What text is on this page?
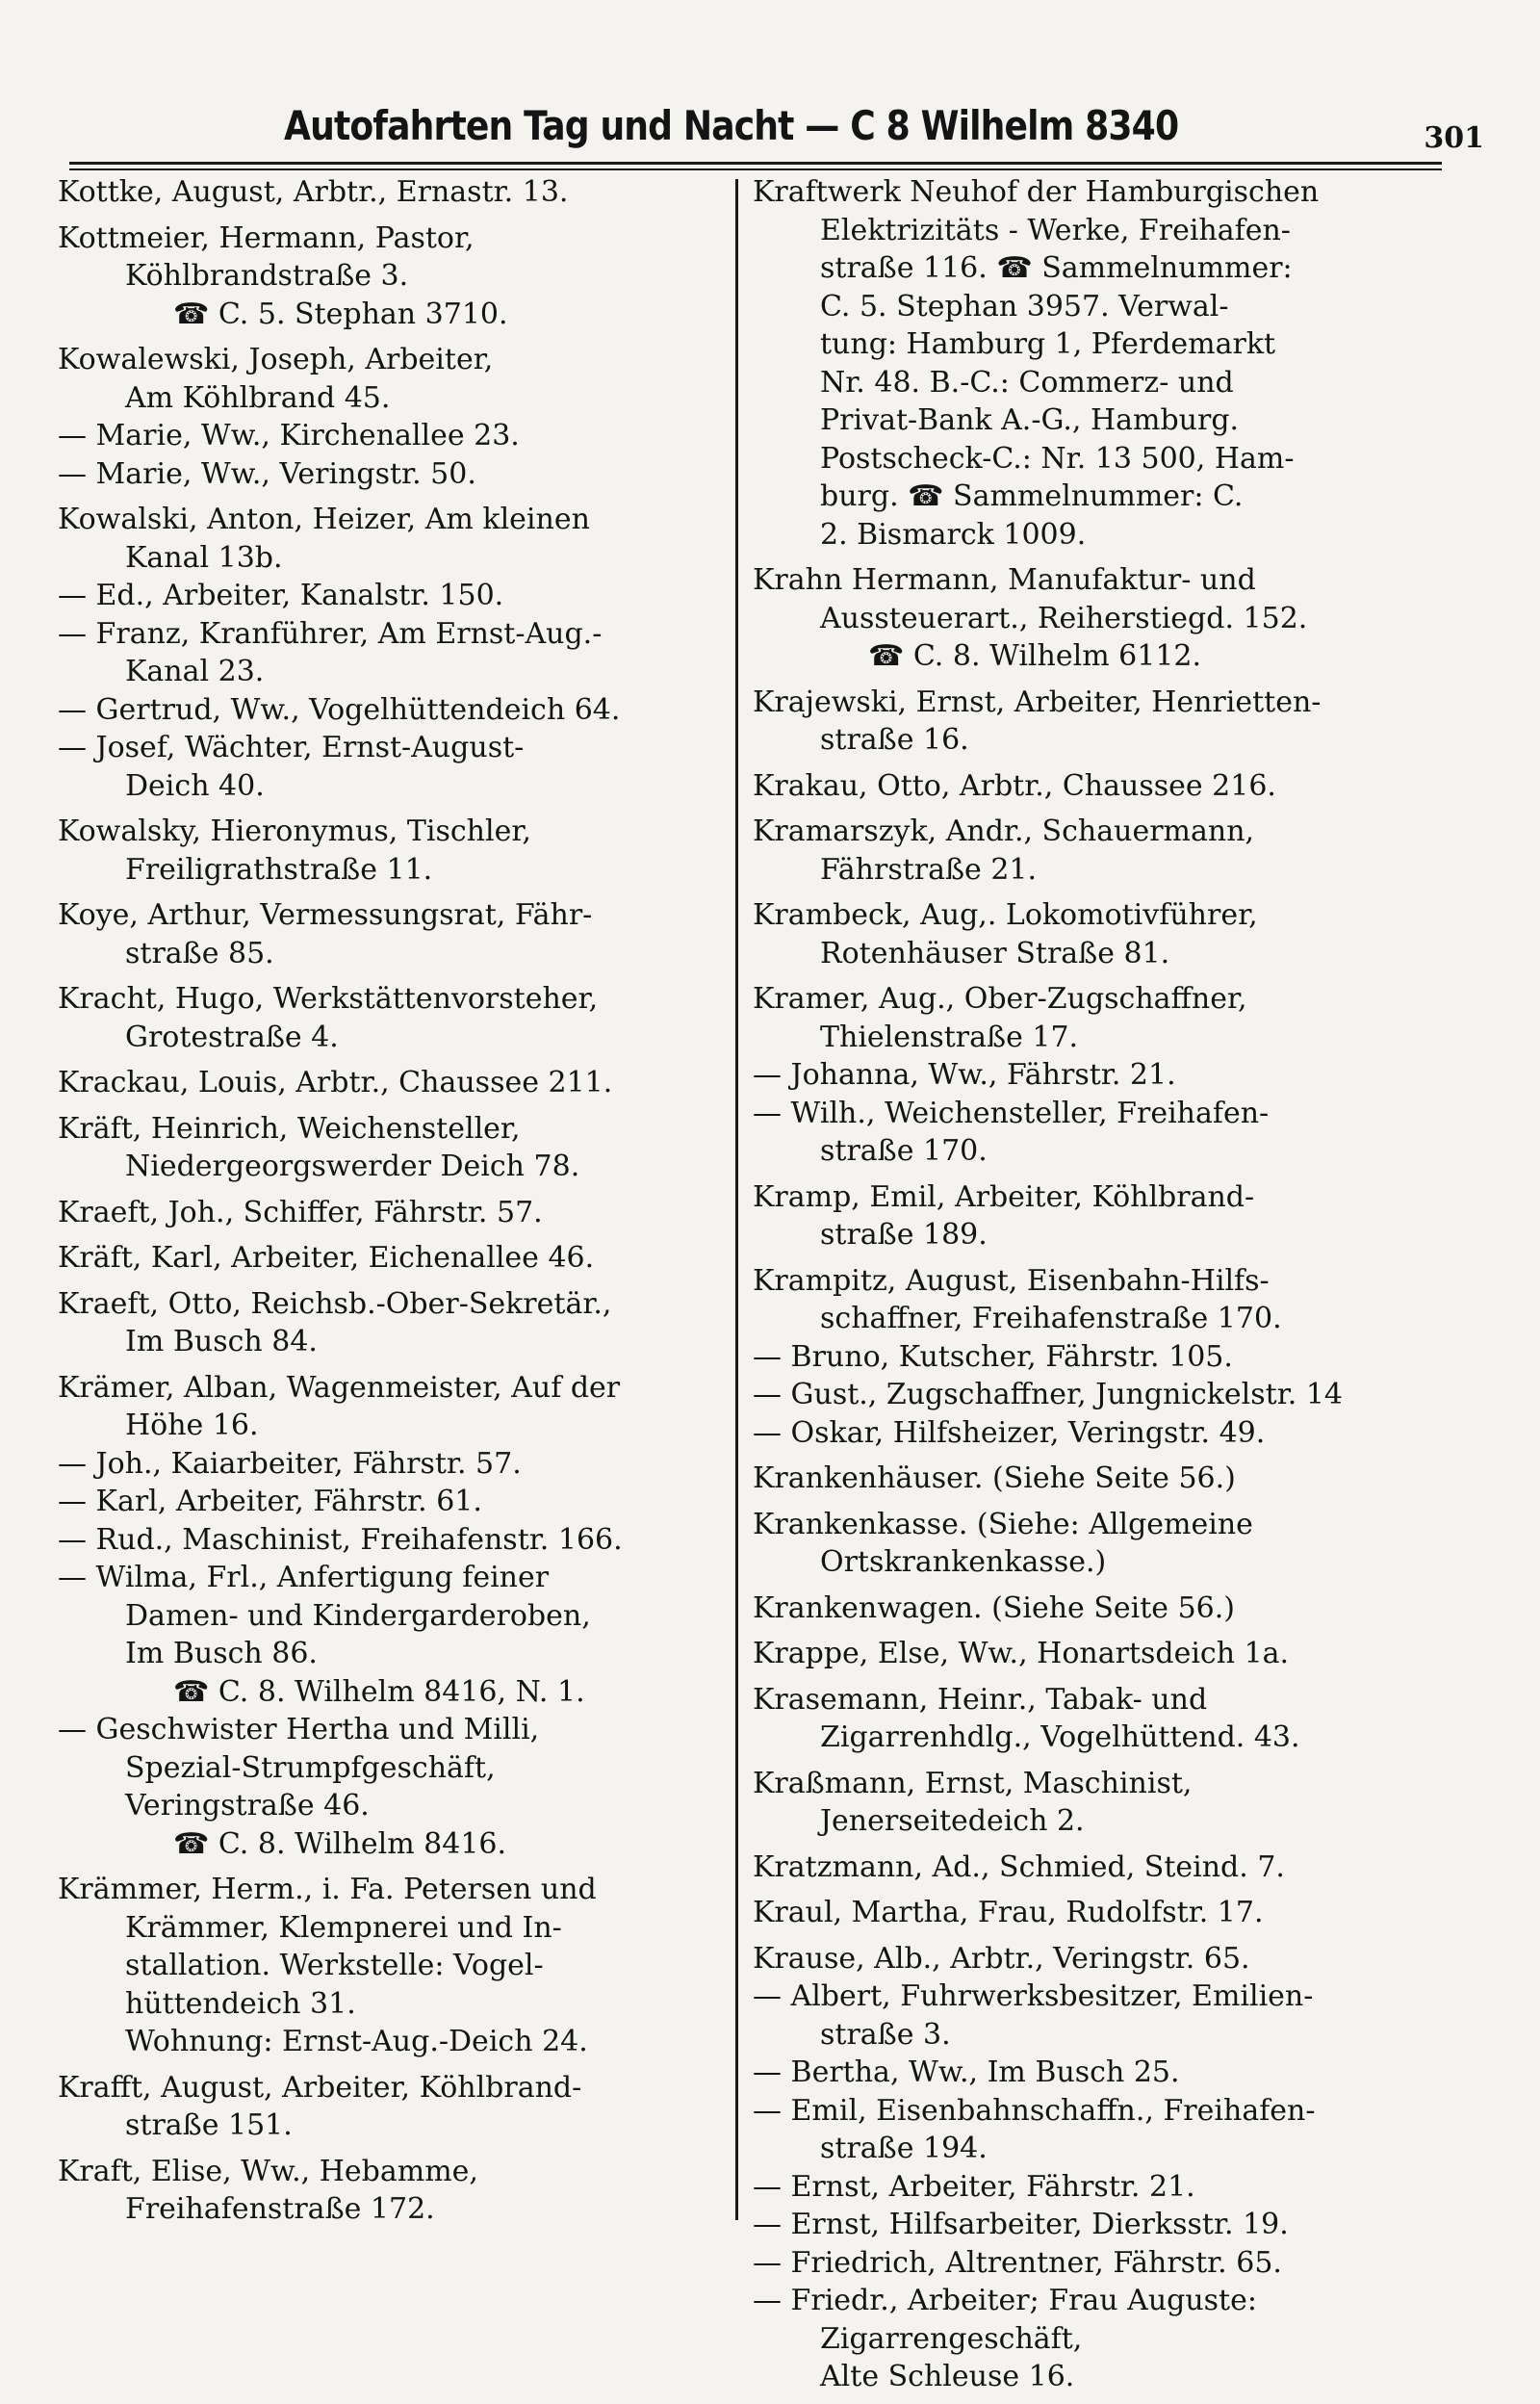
Autofahrten Tag und Nacht — C 8 Wilhelm 8340	301
Kottke, August, Arbtr., Ernastr. 13.
Kottmeier, Hermann, Pastor,
Köhlbrandstraße 3.
☎ C. 5. Stephan 3710.
Kowalewski, Joseph, Arbeiter,
Am Köhlbrand 45.
— Marie, Ww., Kirchenallee 23.
— Marie, Ww., Veringstr. 50.
Kowalski, Anton, Heizer, Am kleinen
Kanal 13b.
— Ed., Arbeiter, Kanalstr. 150.
— Franz, Kranführer, Am Ernst-Aug.-
Kanal 23.
— Gertrud, Ww., Vogelhüttendeich 64.
— Josef, Wächter, Ernst-August-
Deich 40.
Kowalsky, Hieronymus, Tischler,
Freiligrathstraße 11.
Koye, Arthur, Vermessungsrat, Fähr-
straße 85.
Kracht, Hugo, Werkstättenvorsteher,
Grotestraße 4.
Krackau, Louis, Arbtr., Chaussee 211.
Kräft, Heinrich, Weichensteller,
Niedergeorgswerder Deich 78.
Kraeft, Joh., Schiffer, Fährstr. 57.
Kräft, Karl, Arbeiter, Eichenallee 46.
Kraeft, Otto, Reichsb.-Ober-Sekretär.,
Im Busch 84.
Krämer, Alban, Wagenmeister, Auf der
Höhe 16.
— Joh., Kaiarbeiter, Fährstr. 57.
— Karl, Arbeiter, Fährstr. 61.
— Rud., Maschinist, Freihafenstr. 166.
— Wilma, Frl., Anfertigung feiner
Damen- und Kindergarderoben,
Im Busch 86.
☎ C. 8. Wilhelm 8416, N. 1.
— Geschwister Hertha und Milli,
Spezial-Strumpfgeschäft,
Veringstraße 46.
☎ C. 8. Wilhelm 8416.
Krämmer, Herm., i. Fa. Petersen und
Krämmer, Klempnerei und In-
stallation. Werkstelle: Vogel-
hüttendeich 31.
Wohnung: Ernst-Aug.-Deich 24.
Krafft, August, Arbeiter, Köhlbrand-
straße 151.
Kraft, Elise, Ww., Hebamme,
Freihafenstraße 172.
Kraftwerk Neuhof der Hamburgischen
Elektrizitäts - Werke, Freihafen-
straße 116. ☎ Sammelnummer:
C. 5. Stephan 3957. Verwal-
tung: Hamburg 1, Pferdemarkt
Nr. 48. B.-C.: Commerz- und
Privat-Bank A.-G., Hamburg.
Postscheck-C.: Nr. 13 500, Ham-
burg. ☎ Sammelnummer: C.
2. Bismarck 1009.
Krahn Hermann, Manufaktur- und
Aussteuerart., Reiherstiegd. 152.
☎ C. 8. Wilhelm 6112.
Krajewski, Ernst, Arbeiter, Henrietten-
straße 16.
Krakau, Otto, Arbtr., Chaussee 216.
Kramarszyk, Andr., Schauermann,
Fährstraße 21.
Krambeck, Aug,. Lokomotivführer,
Rotenhäuser Straße 81.
Kramer, Aug., Ober-Zugschaffner,
Thielenstraße 17.
— Johanna, Ww., Fährstr. 21.
— Wilh., Weichensteller, Freihafen-
straße 170.
Kramp, Emil, Arbeiter, Köhlbrand-
straße 189.
Krampitz, August, Eisenbahn-Hilfs-
schaffner, Freihafenstraße 170.
— Bruno, Kutscher, Fährstr. 105.
— Gust., Zugschaffner, Jungnickelstr. 14
— Oskar, Hilfsheizer, Veringstr. 49.
Krankenhäuser. (Siehe Seite 56.)
Krankenkasse. (Siehe: Allgemeine
Ortskrankenkasse.)
Krankenwagen. (Siehe Seite 56.)
Krappe, Else, Ww., Honartsdeich 1a.
Krasemann, Heinr., Tabak- und
Zigarrenhdlg., Vogelhüttend. 43.
Kraßmann, Ernst, Maschinist,
Jenerseitedeich 2.
Kratzmann, Ad., Schmied, Steind. 7.
Kraul, Martha, Frau, Rudolfstr. 17.
Krause, Alb., Arbtr., Veringstr. 65.
— Albert, Fuhrwerksbesitzer, Emilien-
straße 3.
— Bertha, Ww., Im Busch 25.
— Emil, Eisenbahnschaffn., Freihafen-
straße 194.
— Ernst, Arbeiter, Fährstr. 21.
— Ernst, Hilfsarbeiter, Dierksstr. 19.
— Friedrich, Altrentner, Fährstr. 65.
— Friedr., Arbeiter; Frau Auguste:
Zigarrengeschäft,
Alte Schleuse 16.
